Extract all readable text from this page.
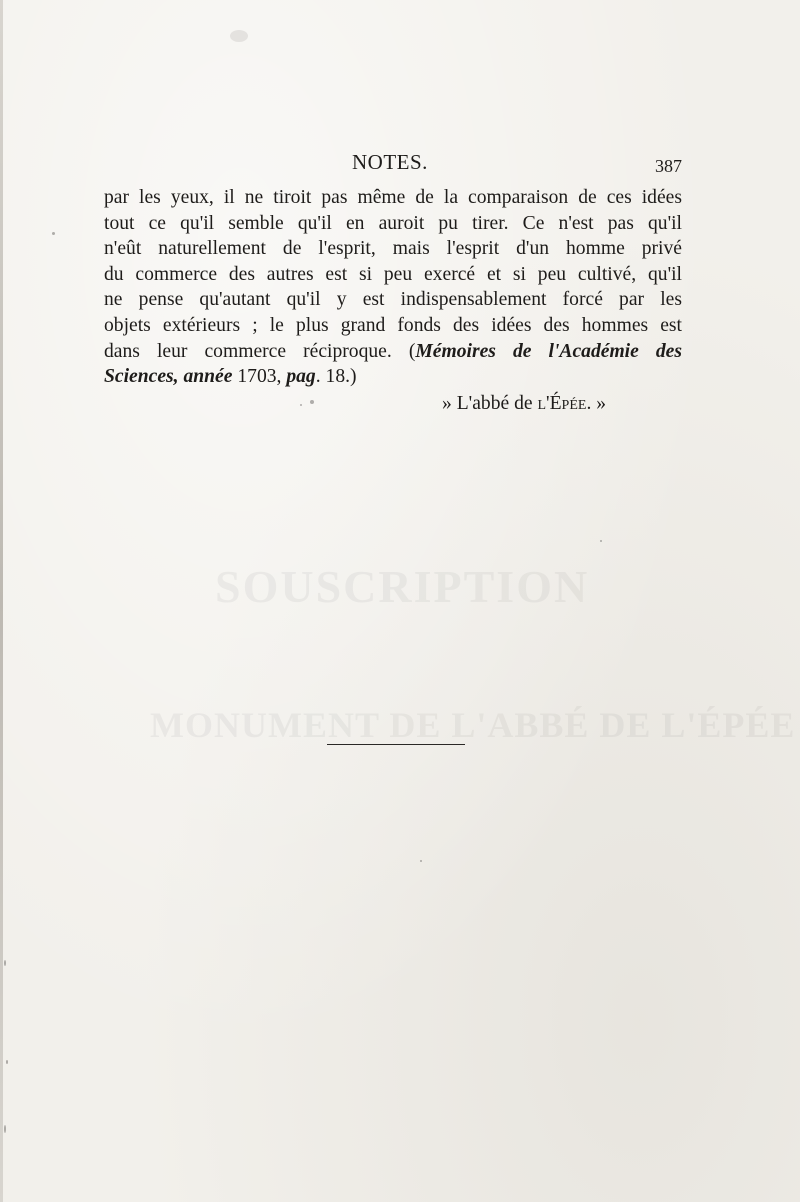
SOUSCRIPTION
MONUMENT DE L'ABBÉ DE L'ÉPÉE
NOTES.	387
par les yeux, il ne tiroit pas même de la comparaison de ces idées
tout ce qu'il semble qu'il en auroit pu tirer. Ce n'est pas qu'il
n'eût naturellement de l'esprit, mais l'esprit d'un homme privé
du commerce des autres est si peu exercé et si peu cultivé, qu'il
ne pense qu'autant qu'il y est indispensablement forcé par les
objets extérieurs ; le plus grand fonds des idées des hommes est
dans leur commerce réciproque. (Mémoires de l'Académie des
Sciences, année 1703, pag. 18.)
» L'abbé de l'Épée. »
